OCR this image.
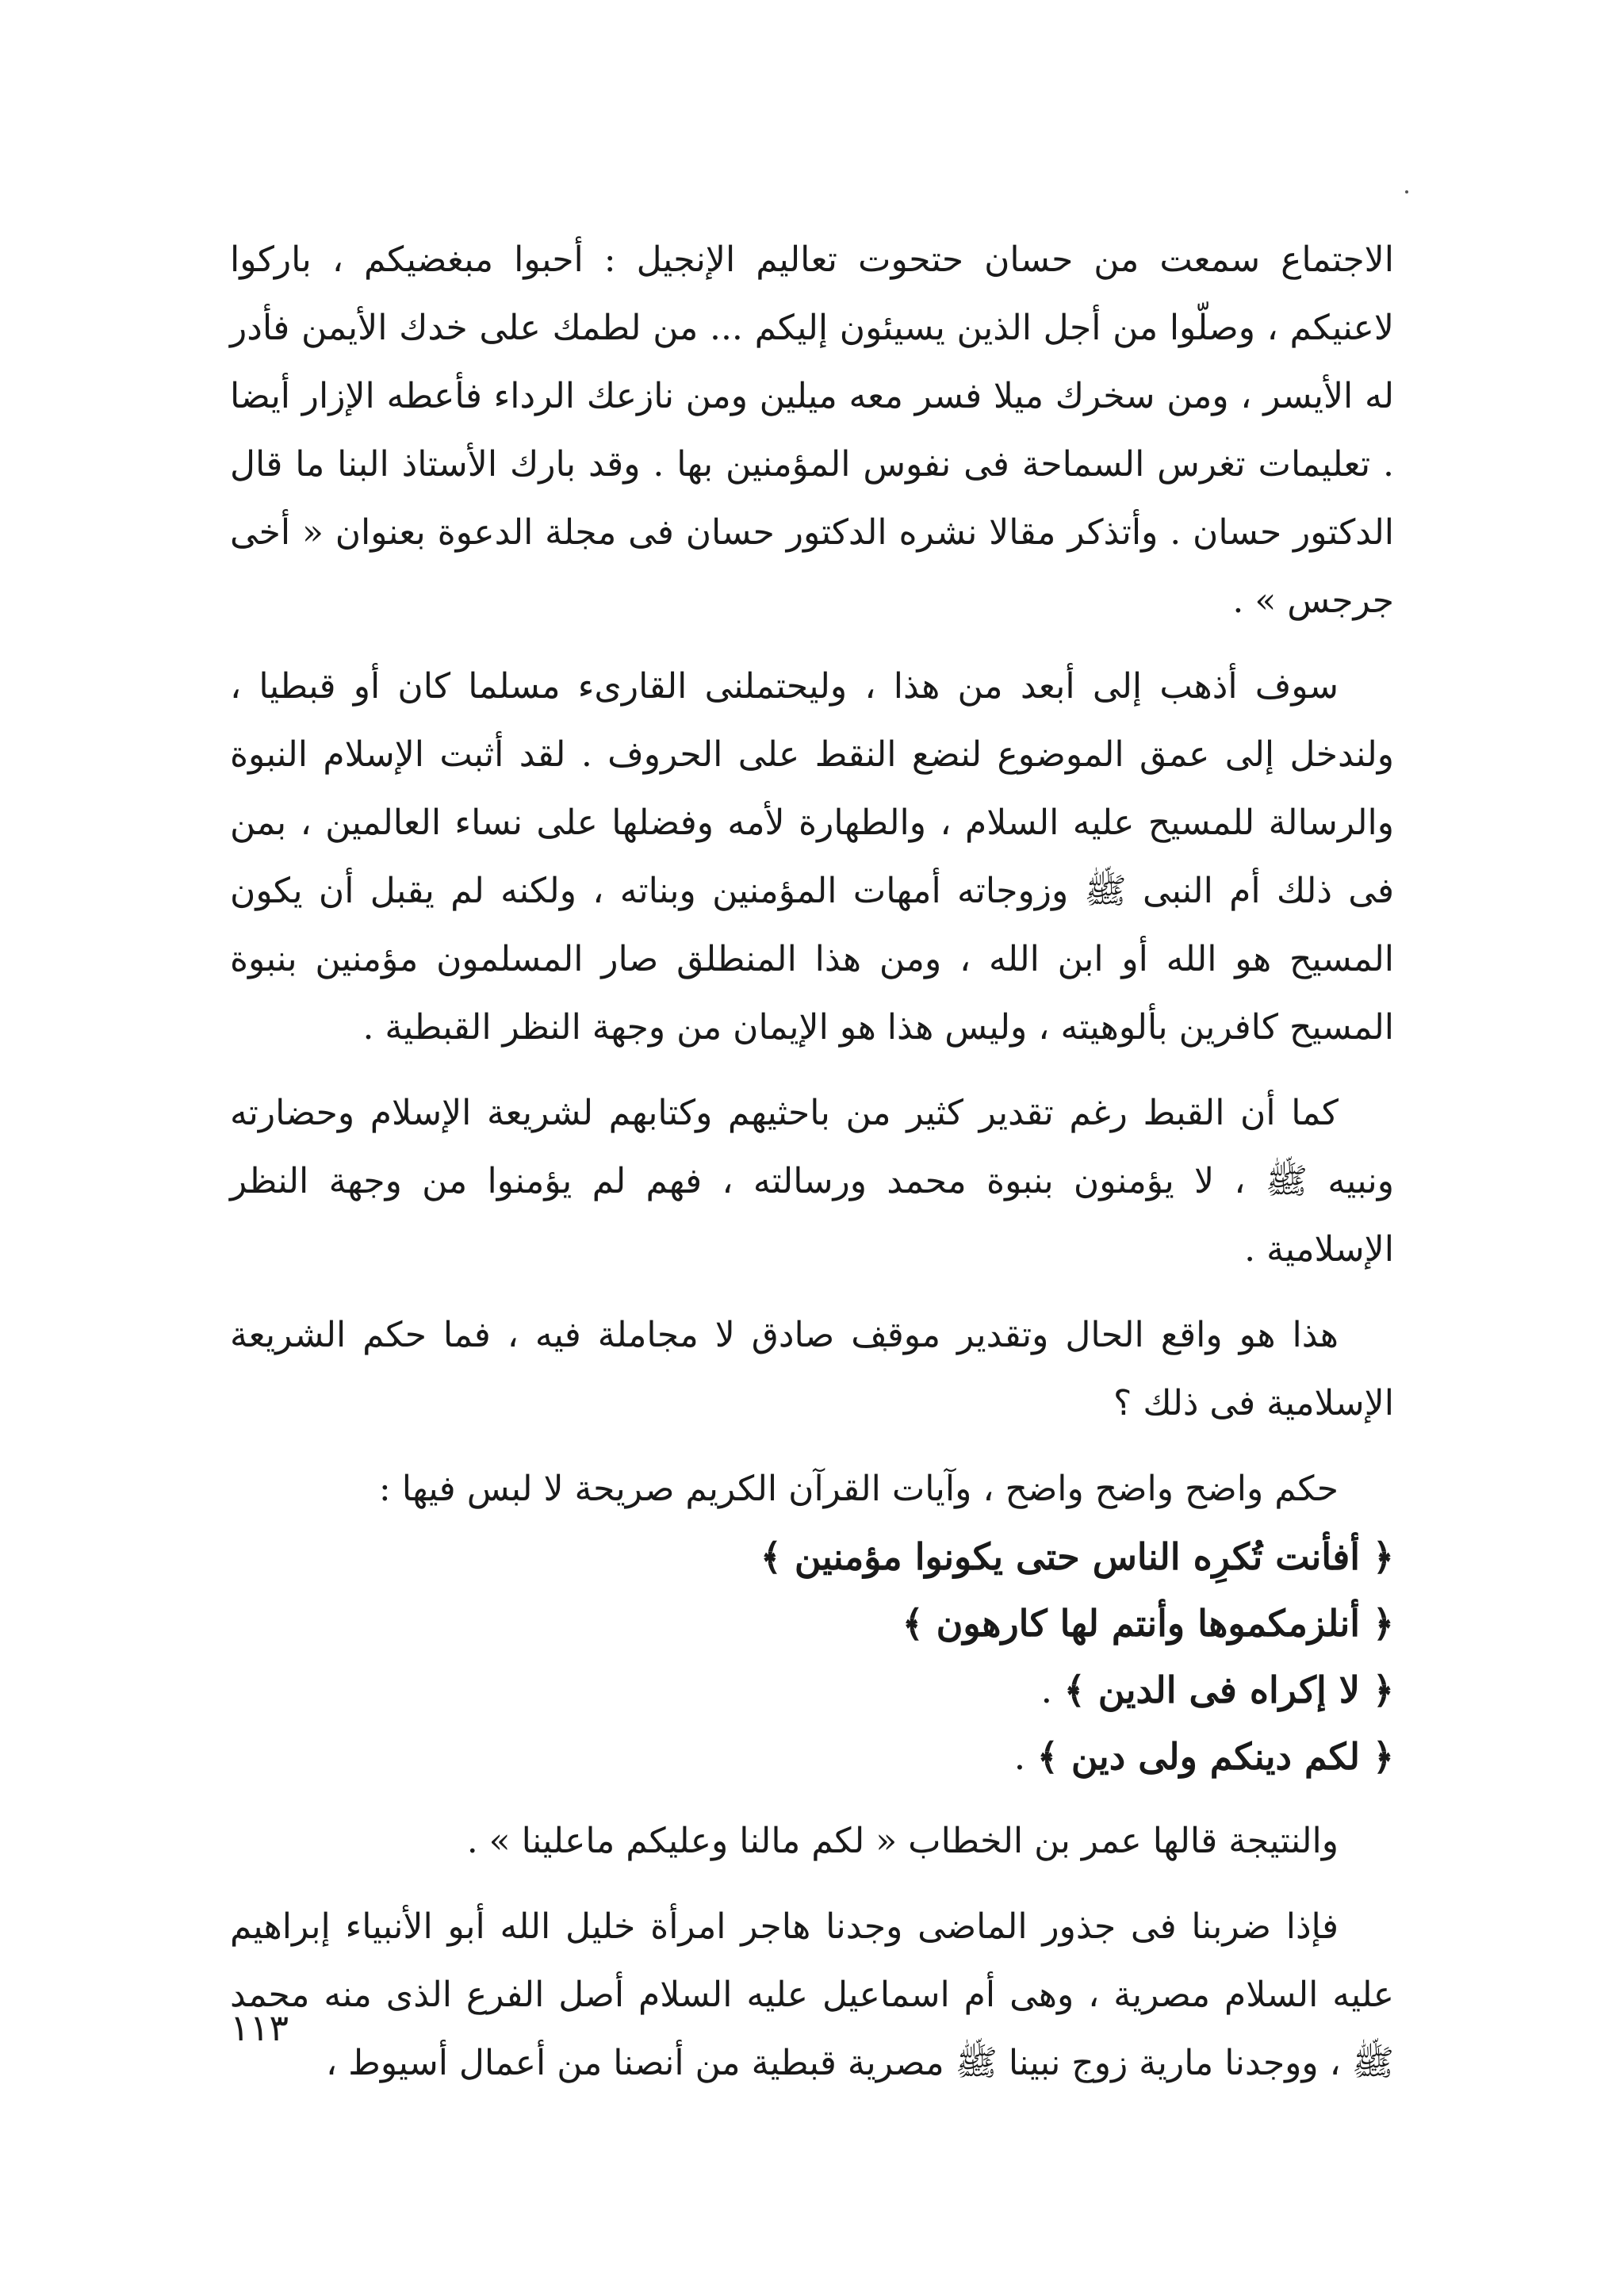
الاجتماع سمعت من حسان حتحوت تعاليم الإنجيل : أحبوا مبغضيكم ، باركوا لاعنيكم ، وصلّوا من أجل الذين يسيئون إليكم ... من لطمك على خدك الأيمن فأدر له الأيسر ، ومن سخرك ميلا فسر معه ميلين ومن نازعك الرداء فأعطه الإزار أيضا . تعليمات تغرس السماحة فى نفوس المؤمنين بها . وقد بارك الأستاذ البنا ما قال الدكتور حسان . وأتذكر مقالا نشره الدكتور حسان فى مجلة الدعوة بعنوان « أخى جرجس » .

سوف أذهب إلى أبعد من هذا ، وليحتملنى القارىء مسلما كان أو قبطيا ، ولندخل إلى عمق الموضوع لنضع النقط على الحروف . لقد أثبت الإسلام النبوة والرسالة للمسيح عليه السلام ، والطهارة لأمه وفضلها على نساء العالمين ، بمن فى ذلك أم النبى ﷺ وزوجاته أمهات المؤمنين وبناته ، ولكنه لم يقبل أن يكون المسيح هو الله أو ابن الله ، ومن هذا المنطلق صار المسلمون مؤمنين بنبوة المسيح كافرين بألوهيته ، وليس هذا هو الإيمان من وجهة النظر القبطية .

كما أن القبط رغم تقدير كثير من باحثيهم وكتابهم لشريعة الإسلام وحضارته ونبيه ﷺ ، لا يؤمنون بنبوة محمد ورسالته ، فهم لم يؤمنوا من وجهة النظر الإسلامية .

هذا هو واقع الحال وتقدير موقف صادق لا مجاملة فيه ، فما حكم الشريعة الإسلامية فى ذلك ؟

حكم واضح واضح واضح ، وآيات القرآن الكريم صريحة لا لبس فيها :

﴿ أفأنت تُكرِه الناس حتى يكونوا مؤمنين ﴾

﴿ أنلزمكموها وأنتم لها كارهون ﴾

﴿ لا إكراه فى الدين ﴾ .

﴿ لكم دينكم ولى دين ﴾ .

والنتيجة قالها عمر بن الخطاب « لكم مالنا وعليكم ماعلينا » .

فإذا ضربنا فى جذور الماضى وجدنا هاجر امرأة خليل الله أبو الأنبياء إبراهيم عليه السلام مصرية ، وهى أم اسماعيل عليه السلام أصل الفرع الذى منه محمد ﷺ ، ووجدنا مارية زوج نبينا ﷺ مصرية قبطية من أنصنا من أعمال أسيوط ،

١١٣
